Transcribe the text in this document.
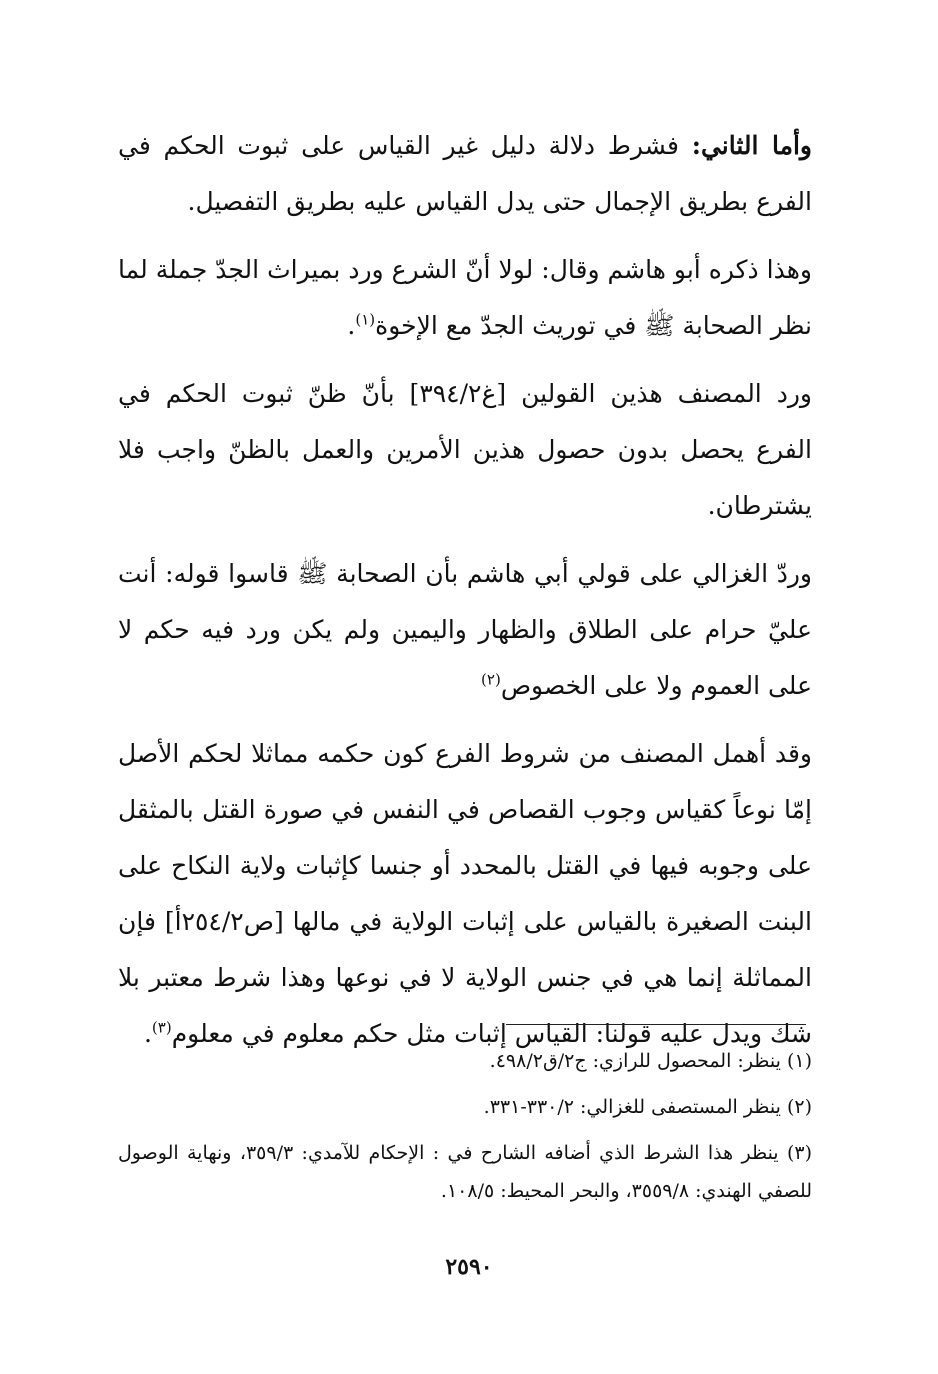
وأما الثاني: فشرط دلالة دليل غير القياس على ثبوت الحكم في الفرع بطريق الإجمال حتى يدل القياس عليه بطريق التفصيل.

وهذا ذكره أبو هاشم وقال: لولا أنّ الشرع ورد بميراث الجدّ جملة لما نظر الصحابة ﷺ في توريث الجدّ مع الإخوة$^{(١)}$.

ورد المصنف هذين القولين [غ٣٩٤/٢] بأنّ ظنّ ثبوت الحكم في الفرع يحصل بدون حصول هذين الأمرين والعمل بالظنّ واجب فلا يشترطان.

وردّ الغزالي على قولي أبي هاشم بأن الصحابة ﷺ قاسوا قوله: أنت عليّ حرام على الطلاق والظهار واليمين ولم يكن ورد فيه حكم لا على العموم ولا على الخصوص$^{(٢)}$

وقد أهمل المصنف من شروط الفرع كون حكمه مماثلا لحكم الأصل إمّا نوعاً كقياس وجوب القصاص في النفس في صورة القتل بالمثقل على وجوبه فيها في القتل بالمحدد أو جنسا كإثبات ولاية النكاح على البنت الصغيرة بالقياس على إثبات الولاية في مالها [ص٢٥٤/٢أ] فإن المماثلة إنما هي في جنس الولاية لا في نوعها وهذا شرط معتبر بلا شك ويدل عليه قولنا: القياس إثبات مثل حكم معلوم في معلوم$^{(٣)}$.

(١) ينظر: المحصول للرازي: ج٢/ق٤٩٨/٢.

(٢) ينظر المستصفى للغزالي: ٣٣٠/٢-٣٣١.

(٣) ينظر هذا الشرط الذي أضافه الشارح في : الإحكام للآمدي: ٣٥٩/٣، ونهاية الوصول للصفي الهندي: ٣٥٥٩/٨، والبحر المحيط: ١٠٨/٥.

٢٥٩٠
